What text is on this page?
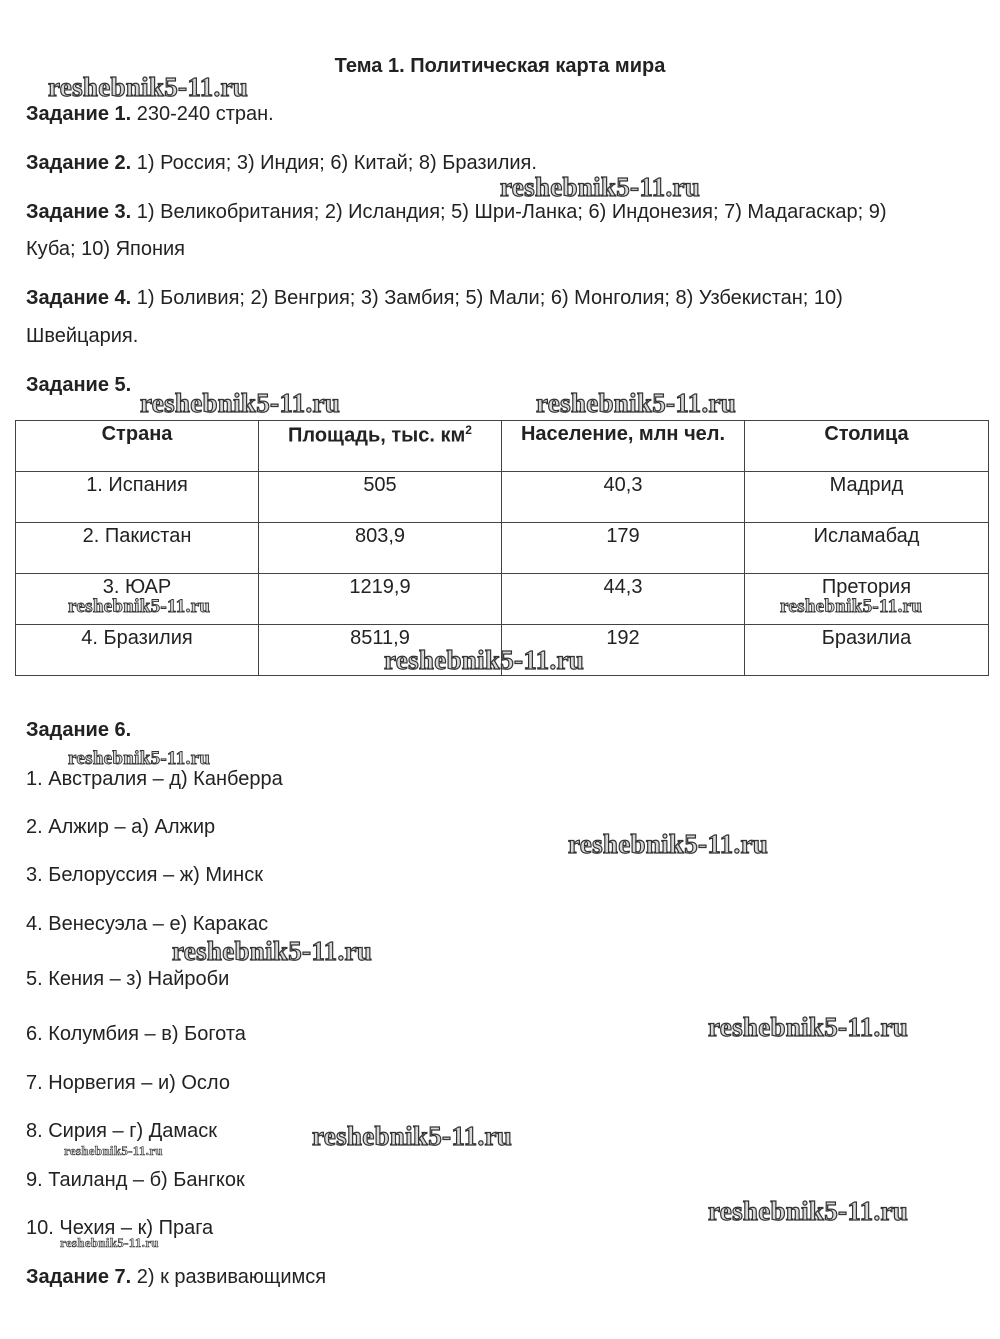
Тема 1. Политическая карта мира
Задание 1. 230-240 стран.
Задание 2. 1) Россия; 3) Индия; 6) Китай; 8) Бразилия.
Задание 3. 1) Великобритания; 2) Исландия; 5) Шри-Ланка; 6) Индонезия; 7) Мадагаскар; 9)
Куба; 10) Япония
Задание 4. 1) Боливия; 2) Венгрия; 3) Замбия; 5) Мали; 6) Монголия; 8) Узбекистан; 10)
Швейцария.
Задание 5.
Страна	Площадь, тыс. $км^2$	Население, млн чел.	Столица
1. Испания	505	40,3	Мадрид
2. Пакистан	803,9	179	Исламабад
3. ЮАР	1219,9	44,3	Претория
4. Бразилия	8511,9	192	Бразилиа
Задание 6.
1. Австралия – д) Канберра
2. Алжир – а) Алжир
3. Белоруссия – ж) Минск
4. Венесуэла – е) Каракас
5. Кения – з) Найроби
6. Колумбия – в) Богота
7. Норвегия – и) Осло
8. Сирия – г) Дамаск
9. Таиланд – б) Бангкок
10. Чехия – к) Прага
Задание 7. 2) к развивающимся
reshebnik5-11.ru
reshebnik5-11.ru
reshebnik5-11.ru	reshebnik5-11.ru
reshebnik5-11.ru	reshebnik5-11.ru
reshebnik5-11.ru
reshebnik5-11.ru
reshebnik5-11.ru
reshebnik5-11.ru
reshebnik5-11.ru
reshebnik5-11.ru
reshebnik5-11.ru
reshebnik5-11.ru
reshebnik5-11.ru
